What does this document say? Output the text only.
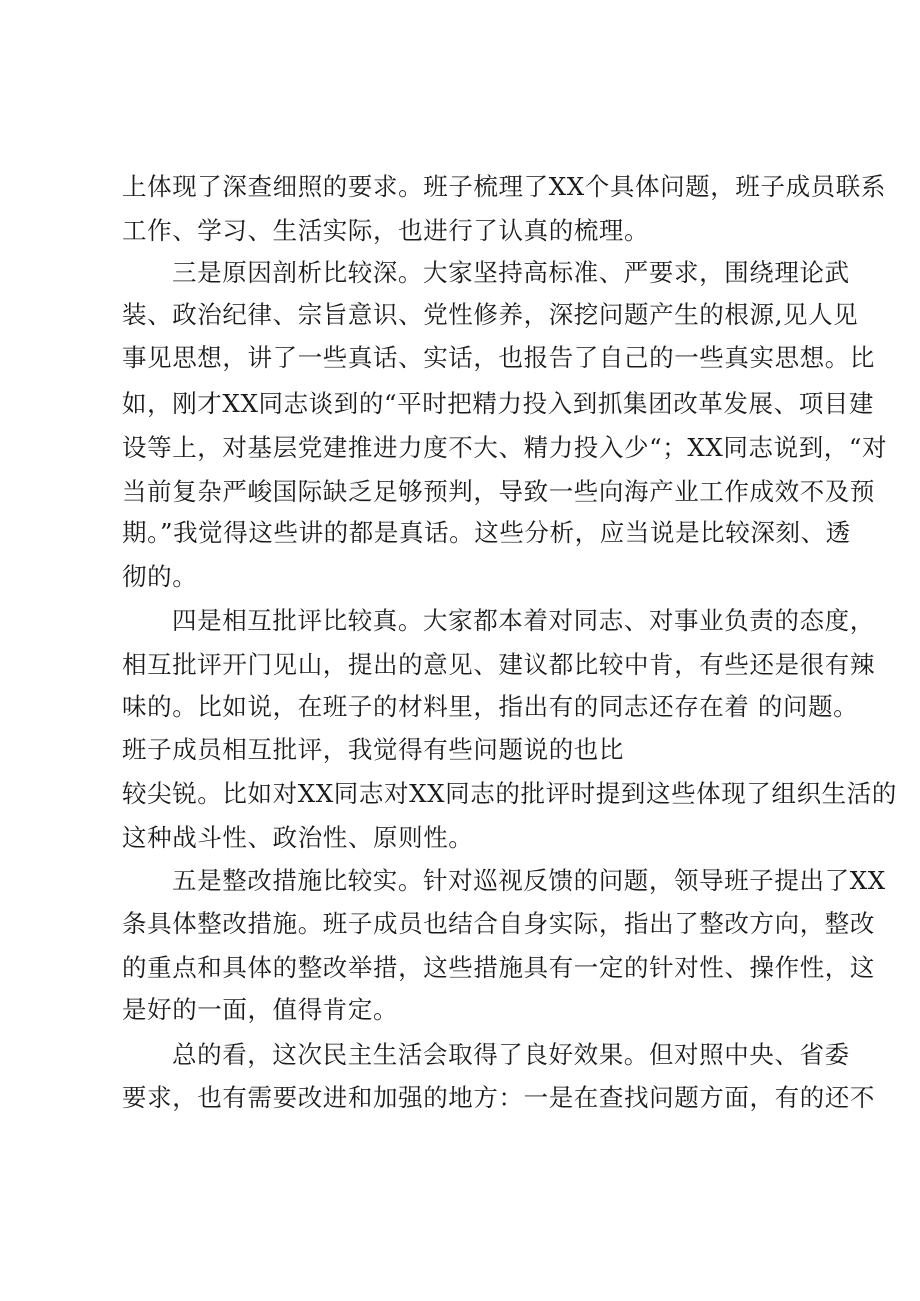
上体现了深查细照的要求。班子梳理了XX个具体问题，班子成员联系
工作、学习、生活实际，也进行了认真的梳理。
三是原因剖析比较深。大家坚持高标准、严要求，围绕理论武
装、政治纪律、宗旨意识、党性修养，深挖问题产生的根源,见人见
事见思想，讲了一些真话、实话，也报告了自己的一些真实思想。比
如，刚才XX同志谈到的“平时把精力投入到抓集团改革发展、项目建
设等上，对基层党建推进力度不大、精力投入少“；XX同志说到，“对
当前复杂严峻国际缺乏足够预判，导致一些向海产业工作成效不及预
期。”我觉得这些讲的都是真话。这些分析，应当说是比较深刻、透
彻的。
四是相互批评比较真。大家都本着对同志、对事业负责的态度，
相互批评开门见山，提出的意见、建议都比较中肯，有些还是很有辣
味的。比如说，在班子的材料里，指出有的同志还存在着 的问题。
班子成员相互批评，我觉得有些问题说的也比
较尖锐。比如对XX同志对XX同志的批评时提到这些体现了组织生活的
这种战斗性、政治性、原则性。
五是整改措施比较实。针对巡视反馈的问题，领导班子提出了XX
条具体整改措施。班子成员也结合自身实际，指出了整改方向，整改
的重点和具体的整改举措，这些措施具有一定的针对性、操作性，这
是好的一面，值得肯定。
总的看，这次民主生活会取得了良好效果。但对照中央、省委
要求，也有需要改进和加强的地方：一是在查找问题方面，有的还不
